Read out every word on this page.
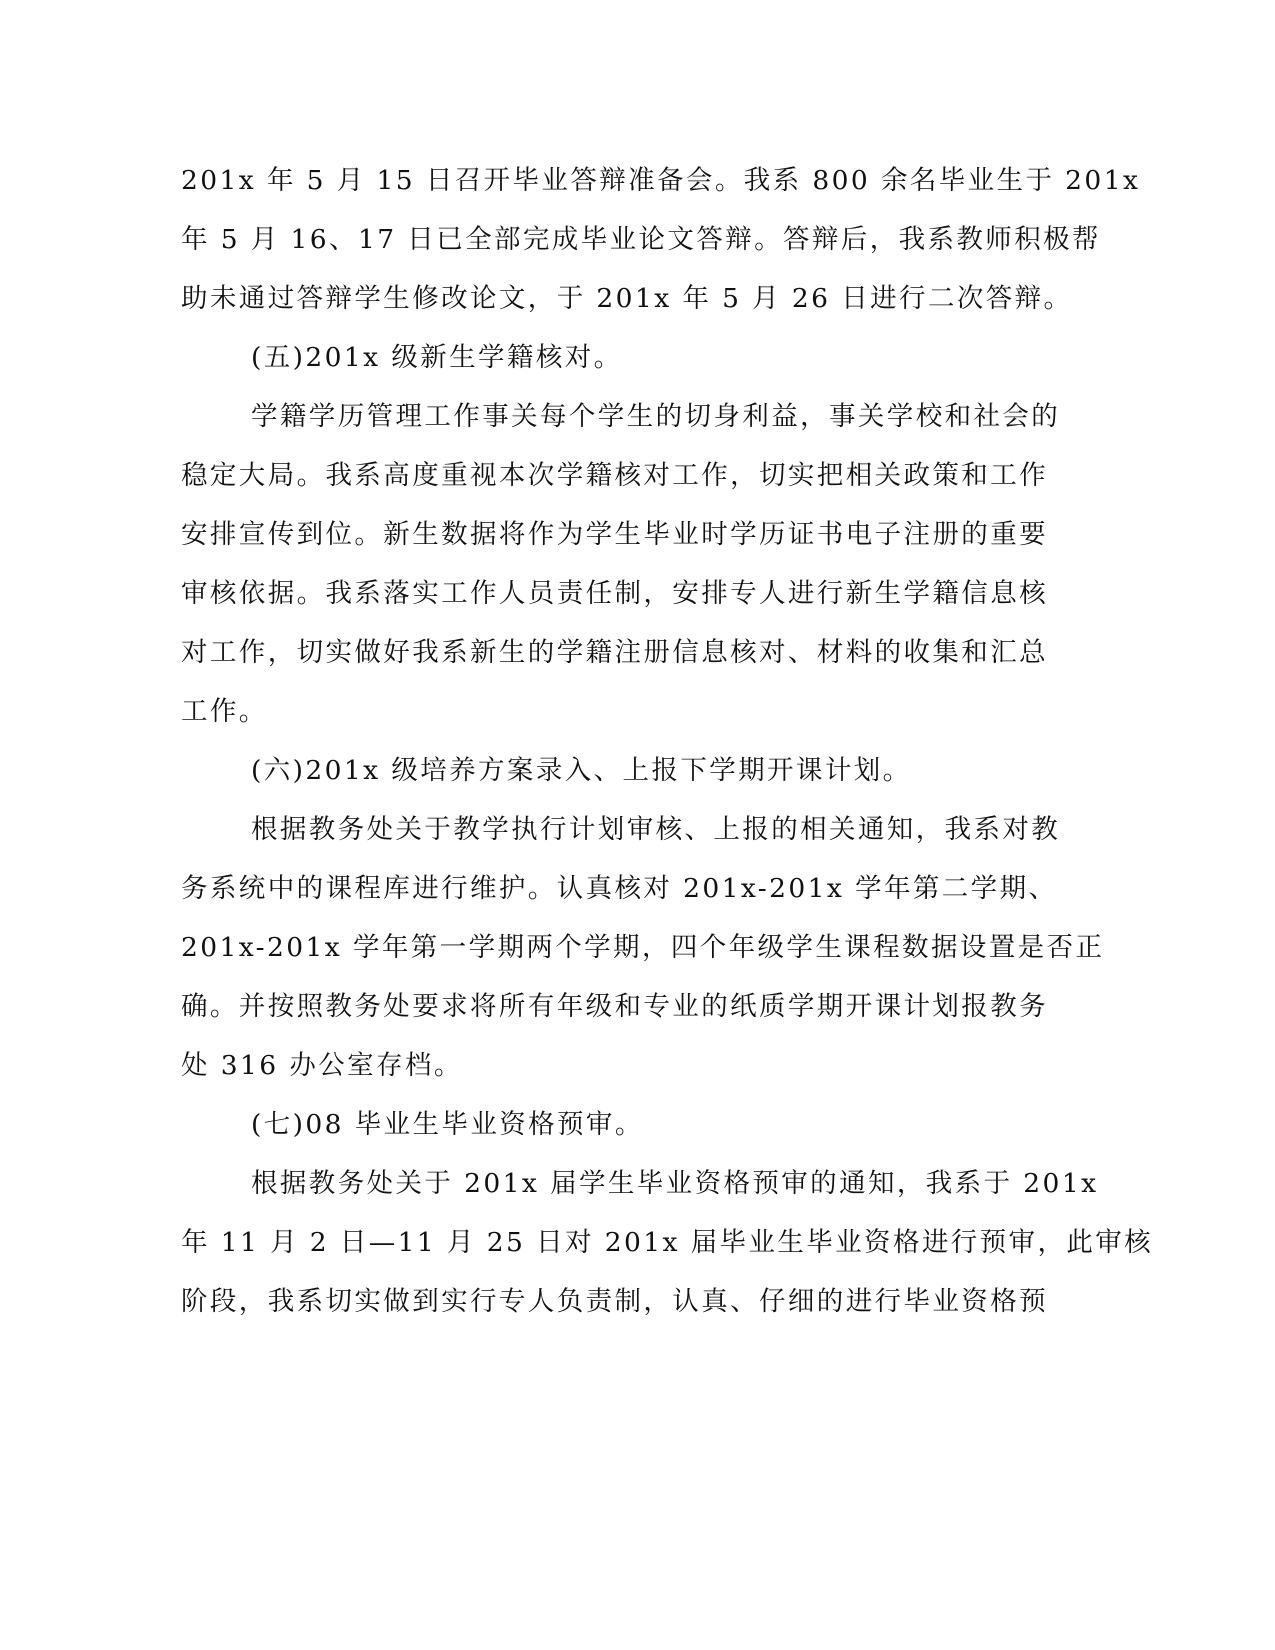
201x 年 5 月 15 日召开毕业答辩准备会。我系 800 余名毕业生于 201x
年 5 月 16、17 日已全部完成毕业论文答辩。答辩后，我系教师积极帮
助未通过答辩学生修改论文，于 201x 年 5 月 26 日进行二次答辩。
(五)201x 级新生学籍核对。
学籍学历管理工作事关每个学生的切身利益，事关学校和社会的
稳定大局。我系高度重视本次学籍核对工作，切实把相关政策和工作
安排宣传到位。新生数据将作为学生毕业时学历证书电子注册的重要
审核依据。我系落实工作人员责任制，安排专人进行新生学籍信息核
对工作，切实做好我系新生的学籍注册信息核对、材料的收集和汇总
工作。
(六)201x 级培养方案录入、上报下学期开课计划。
根据教务处关于教学执行计划审核、上报的相关通知，我系对教
务系统中的课程库进行维护。认真核对 201x-201x 学年第二学期、
201x-201x 学年第一学期两个学期，四个年级学生课程数据设置是否正
确。并按照教务处要求将所有年级和专业的纸质学期开课计划报教务
处 316 办公室存档。
(七)08 毕业生毕业资格预审。
根据教务处关于 201x 届学生毕业资格预审的通知，我系于 201x
年 11 月 2 日—11 月 25 日对 201x 届毕业生毕业资格进行预审，此审核
阶段，我系切实做到实行专人负责制，认真、仔细的进行毕业资格预
